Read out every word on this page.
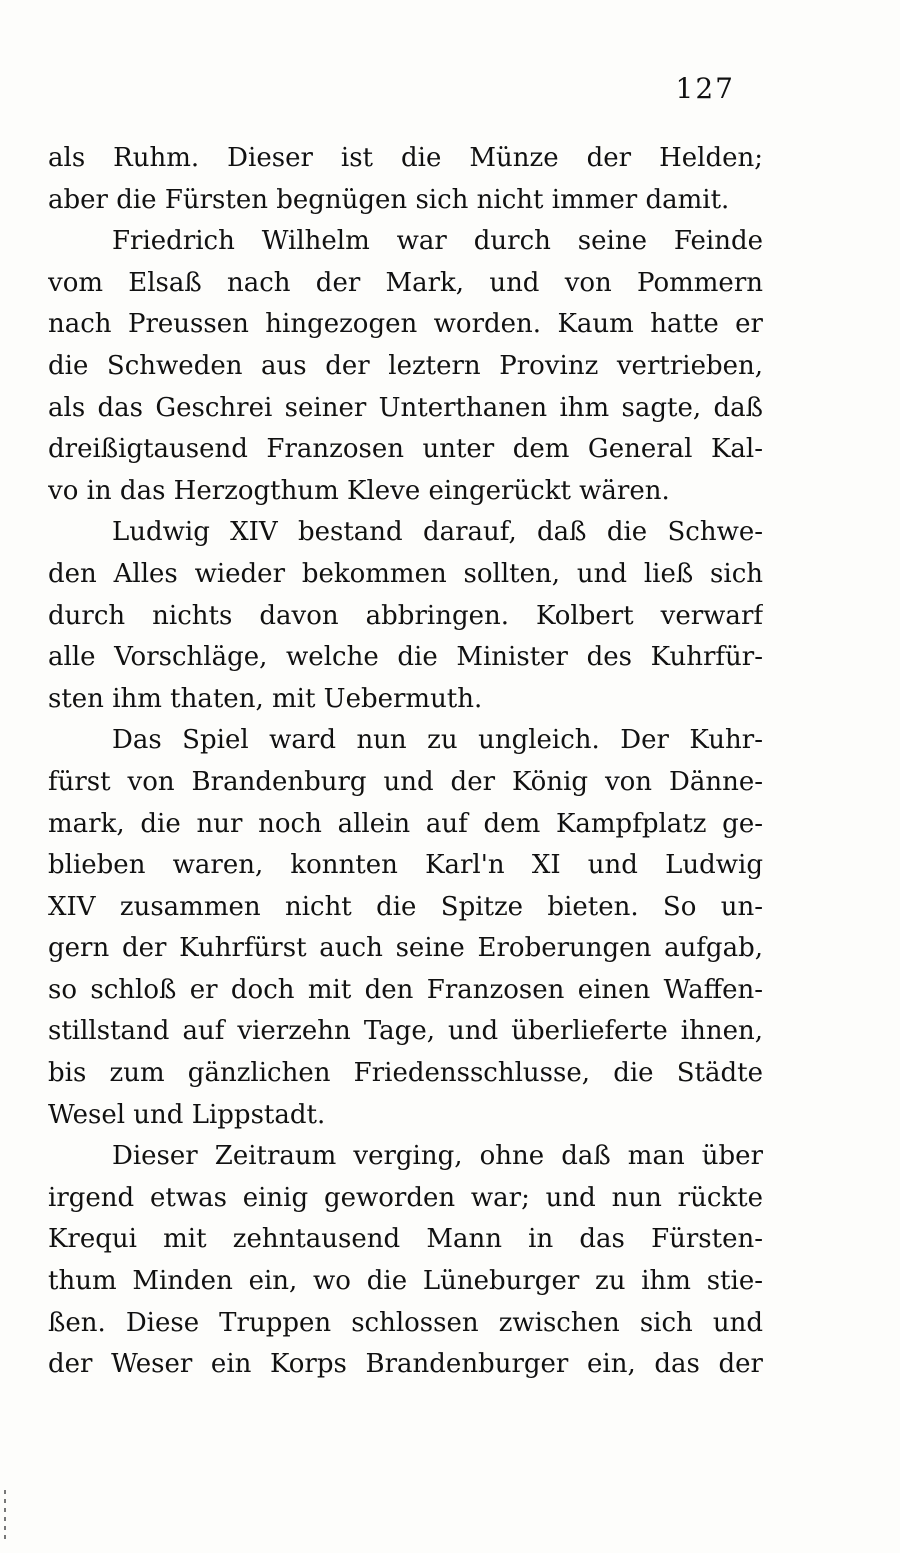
127
als Ruhm. Dieser ist die Münze der Helden;
aber die Fürsten begnügen sich nicht immer damit.
Friedrich Wilhelm war durch seine Feinde
vom Elsaß nach der Mark, und von Pommern
nach Preussen hingezogen worden. Kaum hatte er
die Schweden aus der leztern Provinz vertrieben,
als das Geschrei seiner Unterthanen ihm sagte, daß
dreißigtausend Franzosen unter dem General Kal-
vo in das Herzogthum Kleve eingerückt wären.
Ludwig XIV bestand darauf, daß die Schwe-
den Alles wieder bekommen sollten, und ließ sich
durch nichts davon abbringen. Kolbert verwarf
alle Vorschläge, welche die Minister des Kuhrfür-
sten ihm thaten, mit Uebermuth.
Das Spiel ward nun zu ungleich. Der Kuhr-
fürst von Brandenburg und der König von Dänne-
mark, die nur noch allein auf dem Kampfplatz ge-
blieben waren, konnten Karl'n XI und Ludwig
XIV zusammen nicht die Spitze bieten. So un-
gern der Kuhrfürst auch seine Eroberungen aufgab,
so schloß er doch mit den Franzosen einen Waffen-
stillstand auf vierzehn Tage, und überlieferte ihnen,
bis zum gänzlichen Friedensschlusse, die Städte
Wesel und Lippstadt.
Dieser Zeitraum verging, ohne daß man über
irgend etwas einig geworden war; und nun rückte
Krequi mit zehntausend Mann in das Fürsten-
thum Minden ein, wo die Lüneburger zu ihm stie-
ßen. Diese Truppen schlossen zwischen sich und
der Weser ein Korps Brandenburger ein, das der
